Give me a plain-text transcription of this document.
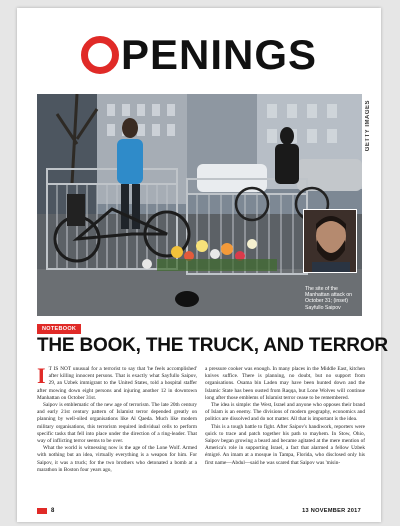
PENINGS
GETTY IMAGES
The site of the Manhattan attack on October 31; (inset) Sayfullo Saipov
NOTEBOOK
THE BOOK, THE TRUCK, AND TERROR

I T IS NOT unusual for a terrorist to say that 'he feels accomplished' after killing innocent persons. That is exactly what Sayfullo Saipov, 29, an Uzbek immigrant to the United States, told a hospital staffer after mowing down eight persons and injuring another 12 in downtown Manhattan on October 31st.

Saipov is emblematic of the new age of terrorism. The late 20th century and early 21st century pattern of Islamist terror depended greatly on planning by well-oiled organisations like Al Qaeda. Much like modern military organisations, this terrorism required individual cells to perform specific tasks that fell into place under the direction of a ring-leader. That way of inflicting terror seems to be over.

What the world is witnessing now is the age of the Lone Wolf. Armed with nothing but an idea, virtually everything is a weapon for him. For Saipov, it was a truck; for the two brothers who detonated a bomb at a marathon in Boston four years ago,

a pressure cooker was enough. In many places in the Middle East, kitchen knives suffice. There is planning, no doubt, but no support from organisations. Osama bin Laden may have been hunted down and the Islamic State has been ousted from Raqqa, but Lone Wolves will continue long after those emblems of Islamist terror cease to be remembered.

The idea is simple: the West, Israel and anyone who opposes their brand of Islam is an enemy. The divisions of modern geography, economics and politics are dissolved and do not matter. All that is important is the idea.

This is a tough battle to fight. After Saipov's handiwork, reporters were quick to trace and patch together his path to mayhem. In Stow, Ohio, Saipov began growing a beard and became agitated at the mere mention of America's role in supporting Israel, a fact that alarmed a fellow Uzbek émigré. An imam at a mosque in Tampa, Florida, who disclosed only his first name—Abdul—said he was scared that Saipov was 'misin-

8	13 NOVEMBER 2017
